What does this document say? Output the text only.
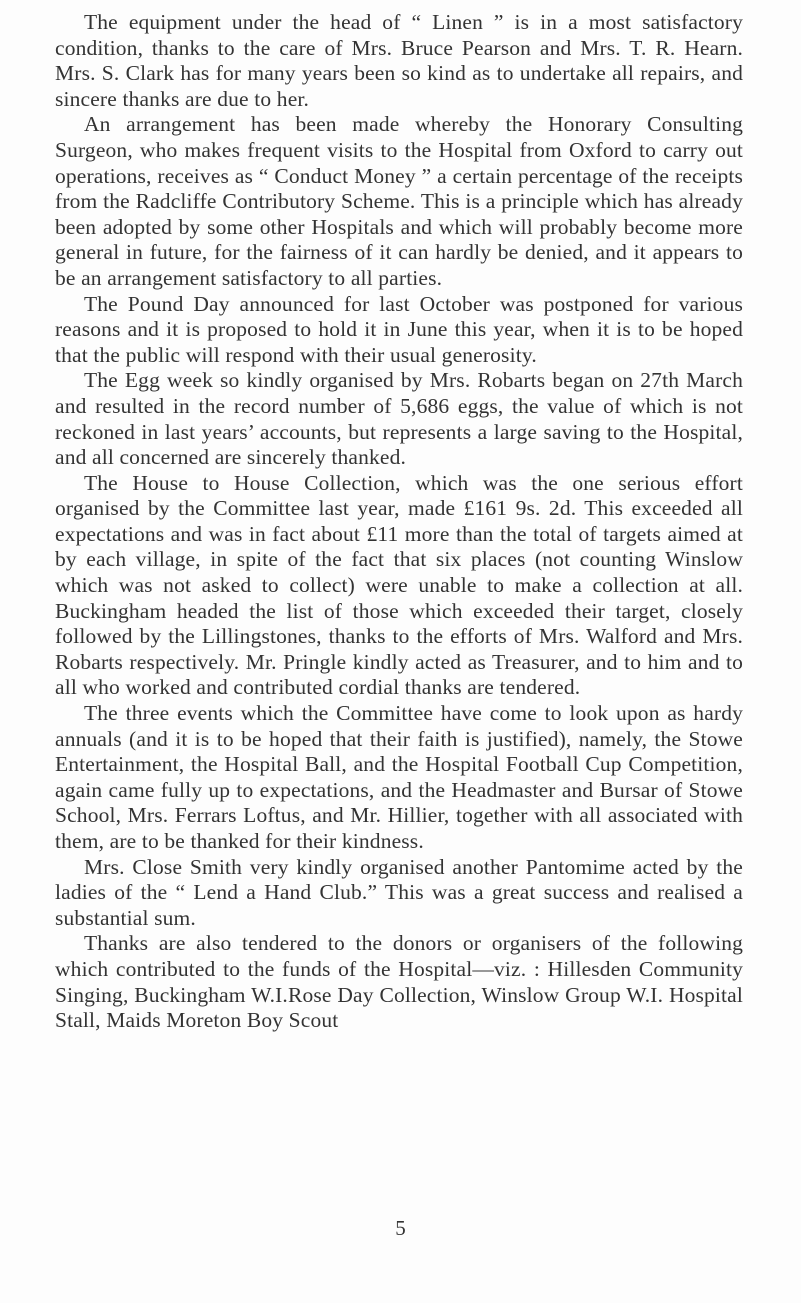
The equipment under the head of “ Linen ” is in a most satisfactory condition, thanks to the care of Mrs. Bruce Pearson and Mrs. T. R. Hearn. Mrs. S. Clark has for many years been so kind as to undertake all repairs, and sincere thanks are due to her.

An arrangement has been made whereby the Honorary Consulting Surgeon, who makes frequent visits to the Hospital from Oxford to carry out operations, receives as “ Conduct Money ” a certain percentage of the receipts from the Radcliffe Contributory Scheme. This is a principle which has already been adopted by some other Hospitals and which will probably become more general in future, for the fairness of it can hardly be denied, and it appears to be an arrangement satisfactory to all parties.

The Pound Day announced for last October was postponed for various reasons and it is proposed to hold it in June this year, when it is to be hoped that the public will respond with their usual generosity.

The Egg week so kindly organised by Mrs. Robarts began on 27th March and resulted in the record number of 5,686 eggs, the value of which is not reckoned in last years’ accounts, but represents a large saving to the Hospital, and all concerned are sincerely thanked.

The House to House Collection, which was the one serious effort organised by the Committee last year, made £161 9s. 2d. This exceeded all expectations and was in fact about £11 more than the total of targets aimed at by each village, in spite of the fact that six places (not counting Winslow which was not asked to collect) were unable to make a collection at all. Buckingham headed the list of those which exceeded their target, closely followed by the Lillingstones, thanks to the efforts of Mrs. Walford and Mrs. Robarts respectively. Mr. Pringle kindly acted as Treasurer, and to him and to all who worked and contributed cordial thanks are tendered.

The three events which the Committee have come to look upon as hardy annuals (and it is to be hoped that their faith is justified), namely, the Stowe Entertainment, the Hospital Ball, and the Hospital Football Cup Competition, again came fully up to expectations, and the Headmaster and Bursar of Stowe School, Mrs. Ferrars Loftus, and Mr. Hillier, together with all associated with them, are to be thanked for their kindness.

Mrs. Close Smith very kindly organised another Pantomime acted by the ladies of the “ Lend a Hand Club.” This was a great success and realised a substantial sum.

Thanks are also tendered to the donors or organisers of the following which contributed to the funds of the Hospital—viz. : Hillesden Community Singing, Buckingham W.I.Rose Day Collection, Winslow Group W.I. Hospital Stall, Maids Moreton Boy Scout

5
